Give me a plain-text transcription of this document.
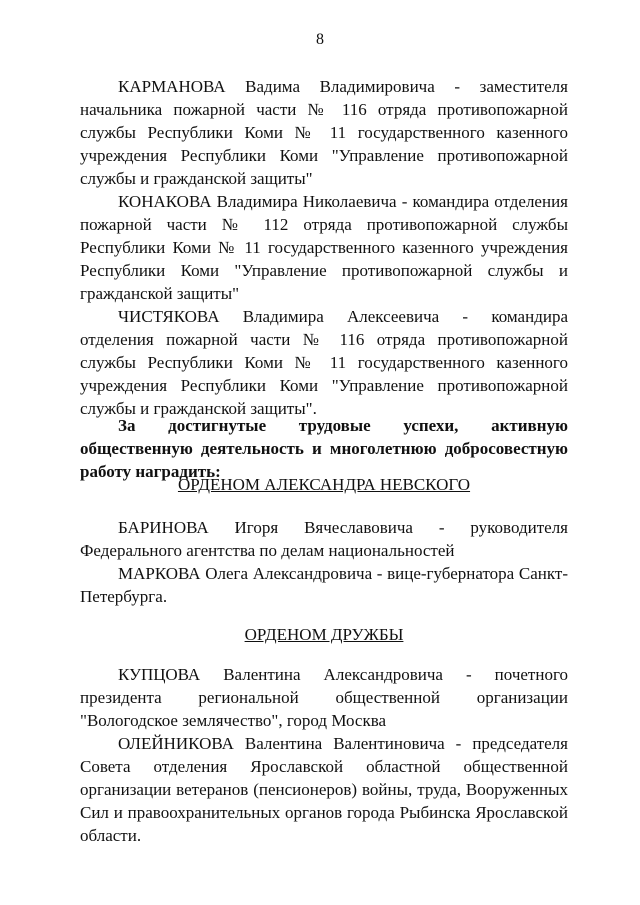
8

КАРМАНОВА Вадима Владимировича - заместителя начальника пожарной части № 116 отряда противопожарной службы Республики Коми № 11 государственного казенного учреждения Республики Коми "Управление противопожарной службы и гражданской защиты"

КОНАКОВА Владимира Николаевича - командира отделения пожарной части № 112 отряда противопожарной службы Республики Коми № 11 государственного казенного учреждения Республики Коми "Управление противопожарной службы и гражданской защиты"

ЧИСТЯКОВА Владимира Алексеевича - командира отделения пожарной части № 116 отряда противопожарной службы Республики Коми № 11 государственного казенного учреждения Республики Коми "Управление противопожарной службы и гражданской защиты".

За достигнутые трудовые успехи, активную общественную деятельность и многолетнюю добросовестную работу наградить:

ОРДЕНОМ АЛЕКСАНДРА НЕВСКОГО

БАРИНОВА Игоря Вячеславовича - руководителя Федерального агентства по делам национальностей

МАРКОВА Олега Александровича - вице-губернатора Санкт-Петербурга.

ОРДЕНОМ ДРУЖБЫ

КУПЦОВА Валентина Александровича - почетного президента региональной общественной организации "Вологодское землячество", город Москва

ОЛЕЙНИКОВА Валентина Валентиновича - председателя Совета отделения Ярославской областной общественной организации ветеранов (пенсионеров) войны, труда, Вооруженных Сил и правоохранительных органов города Рыбинска Ярославской области.
